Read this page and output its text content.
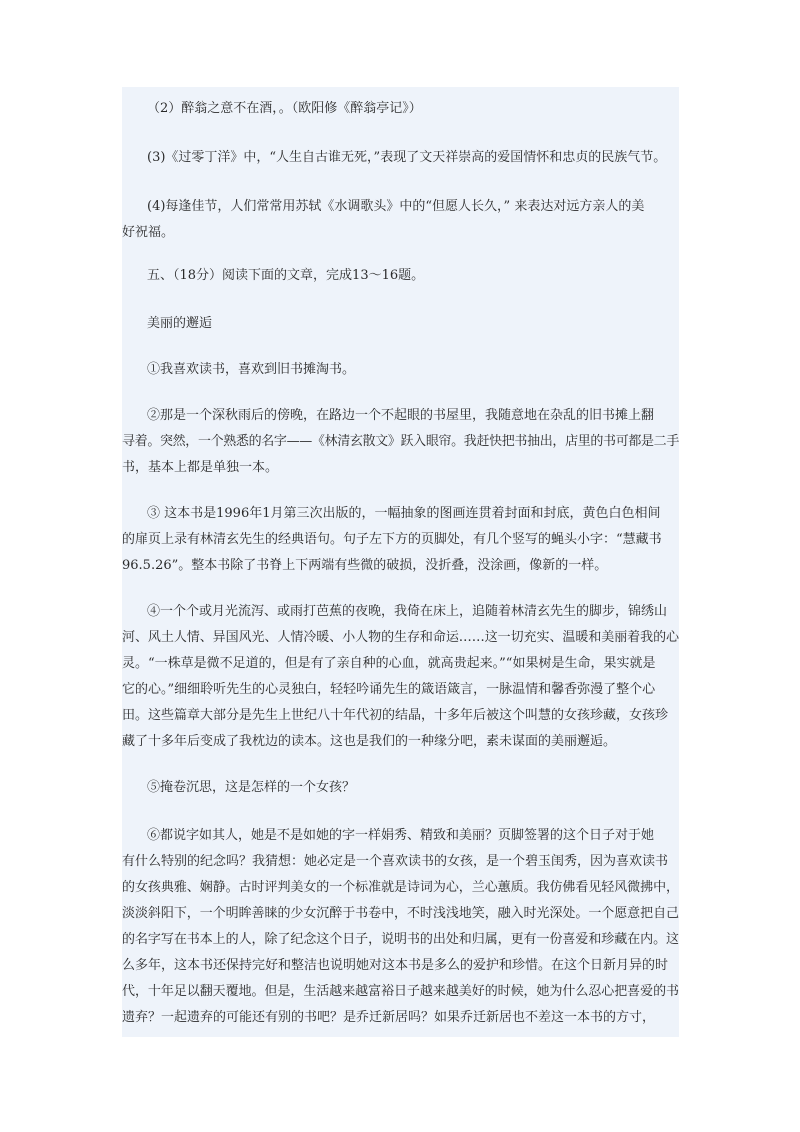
（2）醉翁之意不在酒，。（欧阳修《醉翁亭记》）
(3)《过零丁洋》中，“人生自古谁无死，”表现了文天祥崇高的爱国情怀和忠贞的民族气节。
(4)每逢佳节，人们常常用苏轼《水调歌头》中的“但愿人长久，” 来表达对远方亲人的美
好祝福。
五、（18分）阅读下面的文章，完成13～16题。
美丽的邂逅
①我喜欢读书，喜欢到旧书摊淘书。
②那是一个深秋雨后的傍晚，在路边一个不起眼的书屋里，我随意地在杂乱的旧书摊上翻
寻着。突然，一个熟悉的名字——《林清玄散文》跃入眼帘。我赶快把书抽出，店里的书可都是二手
书，基本上都是单独一本。
③ 这本书是1996年1月第三次出版的，一幅抽象的图画连贯着封面和封底，黄色白色相间
的扉页上录有林清玄先生的经典语句。句子左下方的页脚处，有几个竖写的蝇头小字：“慧藏书
96.5.26”。整本书除了书脊上下两端有些微的破损，没折叠，没涂画，像新的一样。
④一个个或月光流泻、或雨打芭蕉的夜晚，我倚在床上，追随着林清玄先生的脚步，锦绣山
河、风土人情、异国风光、人情冷暖、小人物的生存和命运……这一切充实、温暖和美丽着我的心
灵。“一株草是微不足道的，但是有了亲自种的心血，就高贵起来。”“如果树是生命，果实就是
它的心。”细细聆听先生的心灵独白，轻轻吟诵先生的箴语箴言，一脉温情和馨香弥漫了整个心
田。这些篇章大部分是先生上世纪八十年代初的结晶，十多年后被这个叫慧的女孩珍藏，女孩珍
藏了十多年后变成了我枕边的读本。这也是我们的一种缘分吧，素未谋面的美丽邂逅。
⑤掩卷沉思，这是怎样的一个女孩？
⑥都说字如其人，她是不是如她的字一样娟秀、精致和美丽？页脚签署的这个日子对于她
有什么特别的纪念吗？我猜想：她必定是一个喜欢读书的女孩，是一个碧玉闺秀，因为喜欢读书
的女孩典雅、娴静。古时评判美女的一个标准就是诗词为心，兰心蕙质。我仿佛看见轻风微拂中，
淡淡斜阳下，一个明眸善睐的少女沉醉于书卷中，不时浅浅地笑，融入时光深处。一个愿意把自己
的名字写在书本上的人，除了纪念这个日子，说明书的出处和归属，更有一份喜爱和珍藏在内。这
么多年，这本书还保持完好和整洁也说明她对这本书是多么的爱护和珍惜。在这个日新月异的时
代，十年足以翻天覆地。但是，生活越来越富裕日子越来越美好的时候，她为什么忍心把喜爱的书
遗弃？一起遗弃的可能还有别的书吧？是乔迁新居吗？如果乔迁新居也不差这一本书的方寸，
